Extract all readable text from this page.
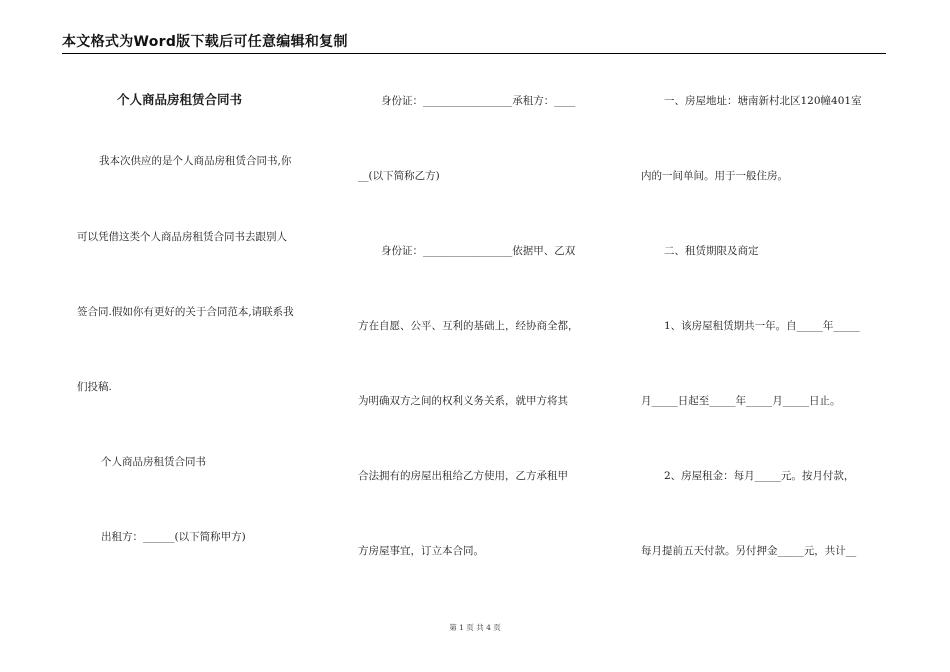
本文格式为Word版下载后可任意编辑和复制
个人商品房租赁合同书
我本次供应的是个人商品房租赁合同书,你
可以凭借这类个人商品房租赁合同书去跟别人
签合同.假如你有更好的关于合同范本,请联系我
们投稿.
个人商品房租赁合同书
出租方：______(以下简称甲方)
身份证：_________________承租方：____
__(以下简称乙方)
身份证：_________________依据甲、乙双
方在自愿、公平、互利的基础上，经协商全都，
为明确双方之间的权利义务关系，就甲方将其
合法拥有的房屋出租给乙方使用，乙方承租甲
方房屋事宜，订立本合同。
一、房屋地址：塘南新村北区120幢401室
内的一间单间。用于一般住房。
二、租赁期限及商定
1、该房屋租赁期共一年。自_____年_____
月_____日起至_____年_____月_____日止。
2、房屋租金：每月_____元。按月付款，
每月提前五天付款。另付押金_____元，共计__
第 1 页 共 4 页
